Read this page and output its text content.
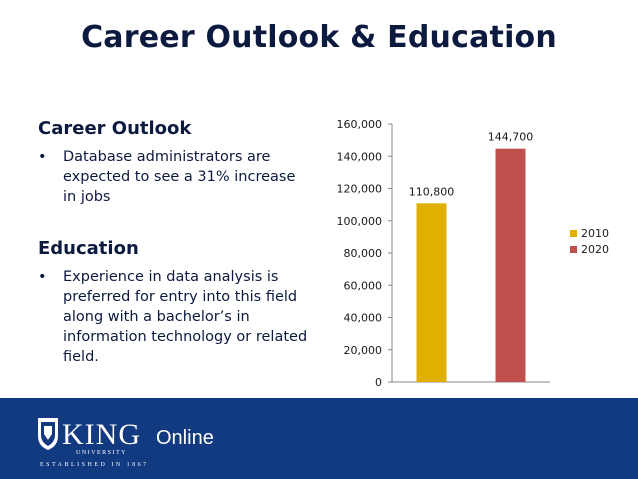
Career Outlook & Education
Career Outlook
• Database administrators are expected to see a 31% increase in jobs
Education
• Experience in data analysis is preferred for entry into this field along with a bachelor’s in information technology or related field.
0
20,000
40,000
60,000
80,000
100,000
120,000
140,000
160,000
110,800
144,700
2010
2020
KING
UNIVERSITY
Online
ESTABLISHED IN 1867
